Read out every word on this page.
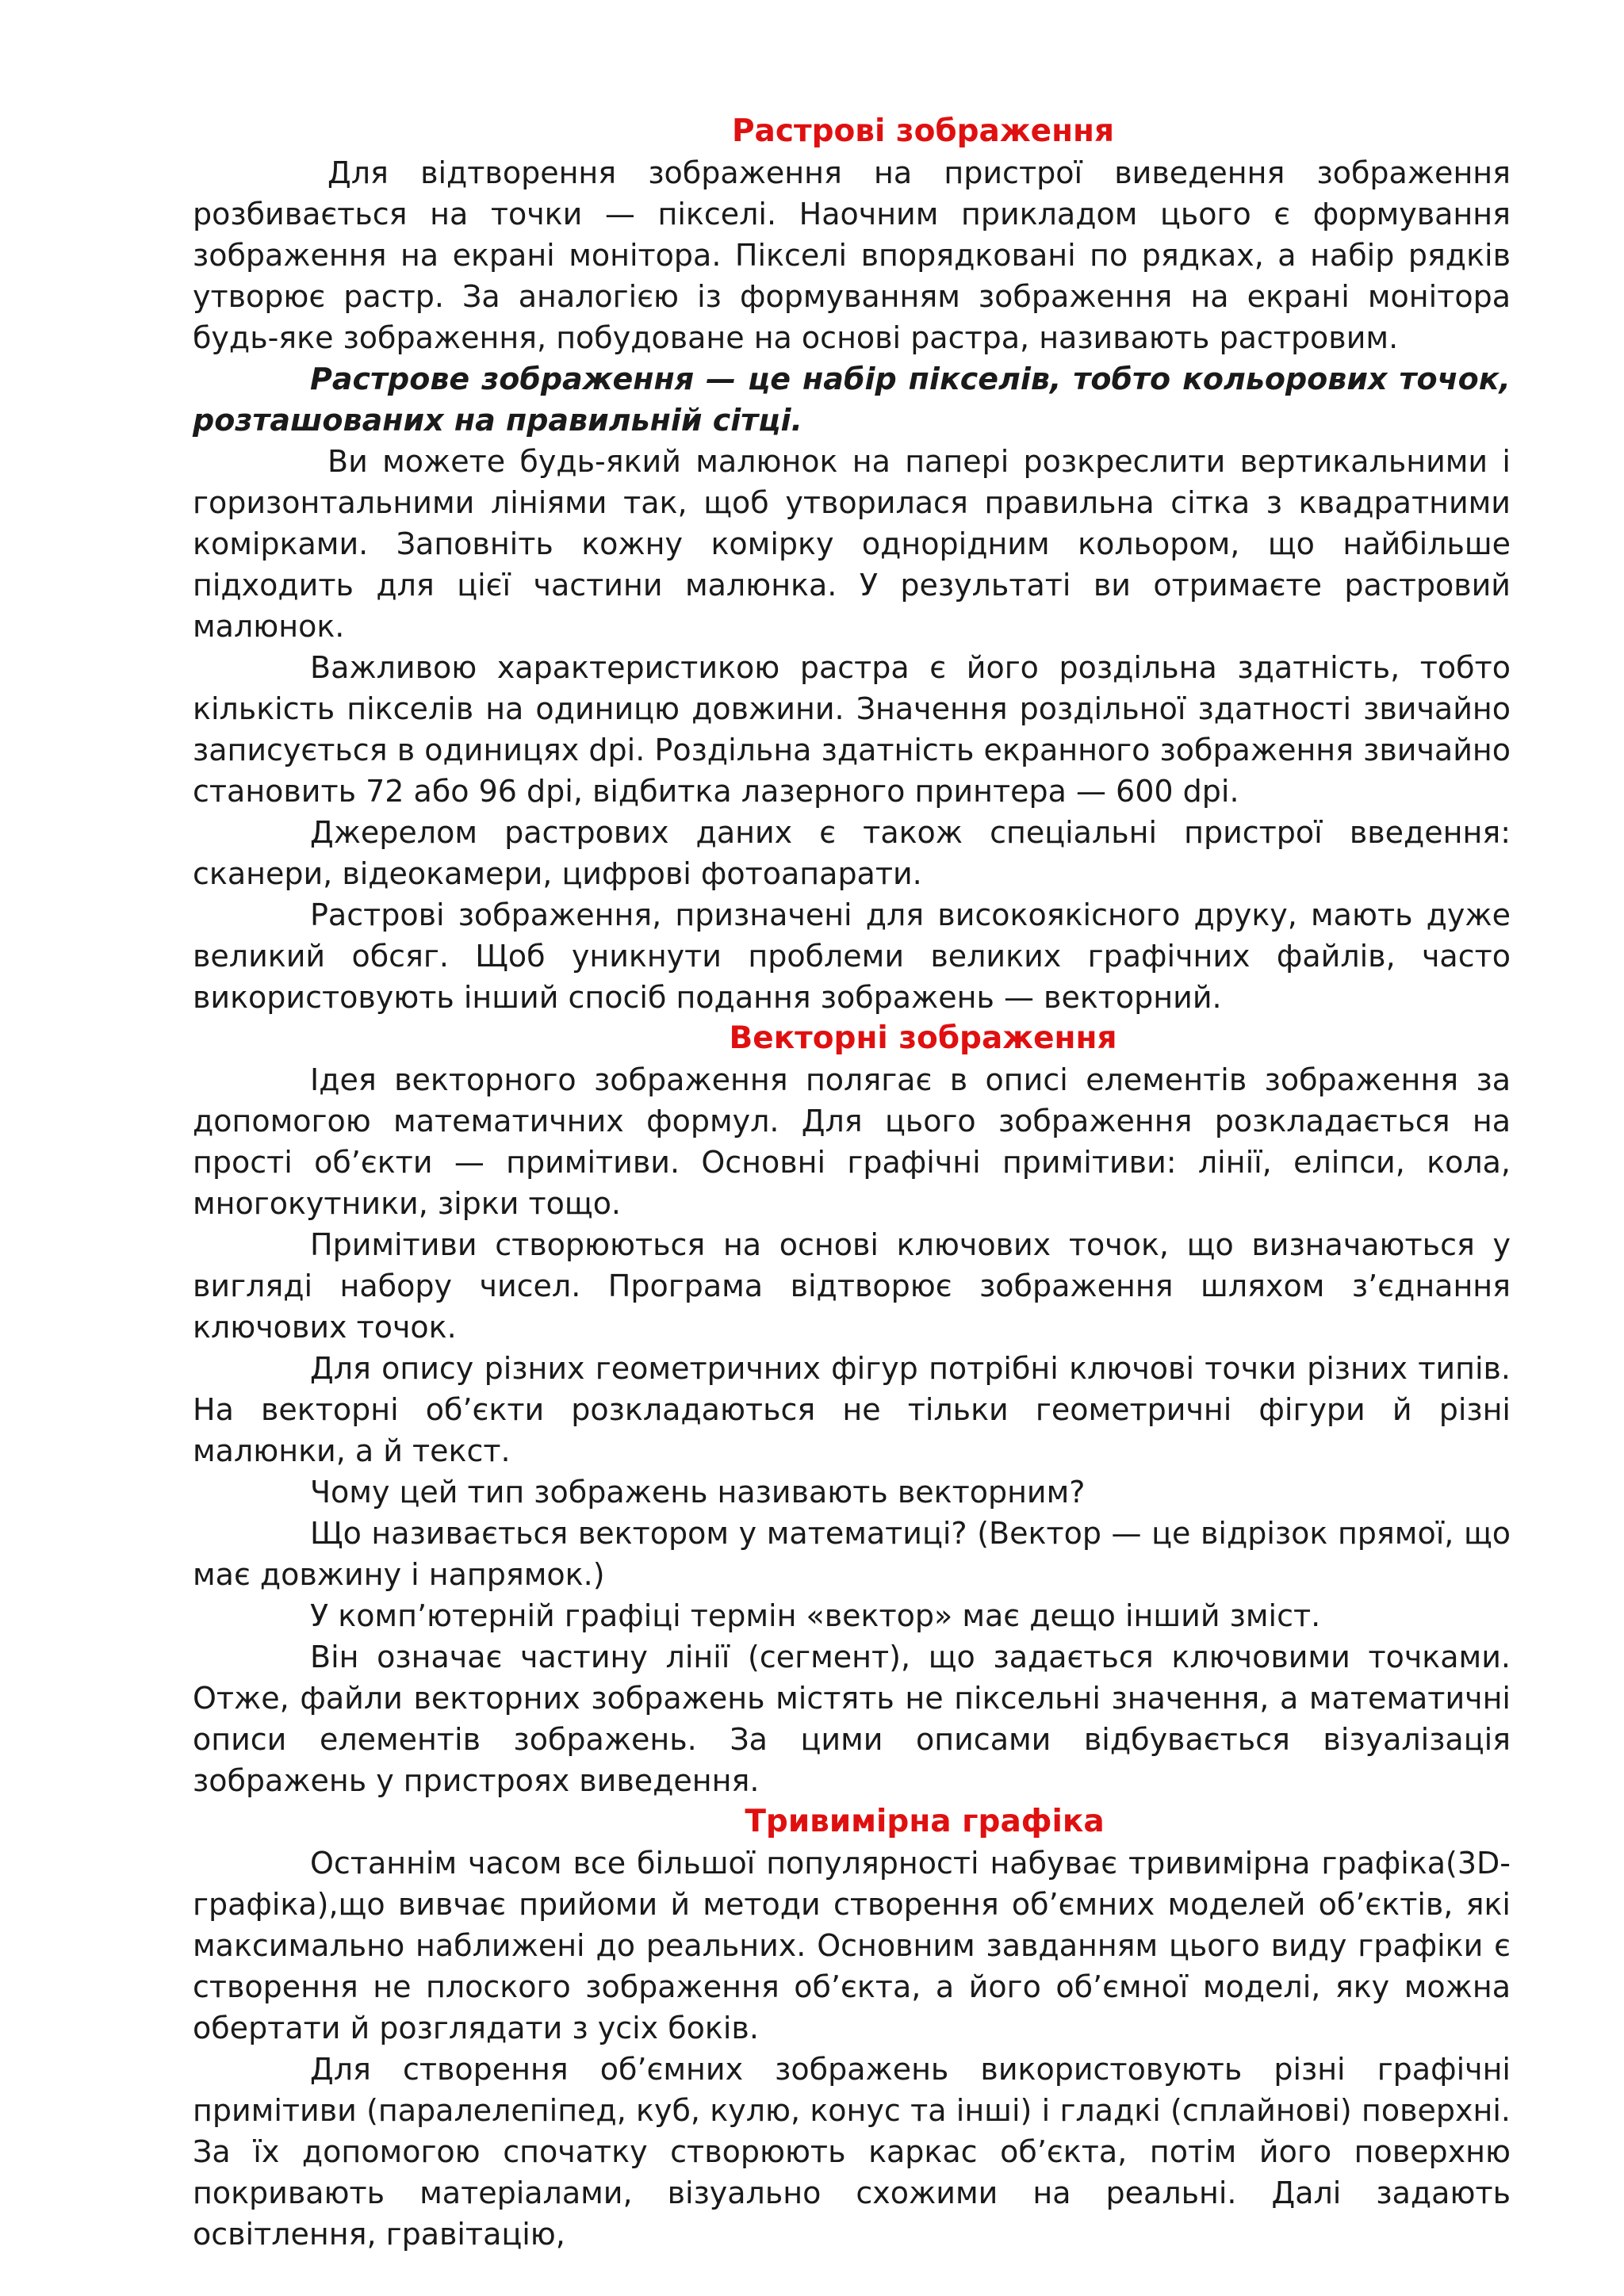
Растрові зображення

Для відтворення зображення на пристрої виведення зображення розбивається на точки — пікселі. Наочним прикладом цього є формування зображення на екрані монітора. Пікселі впорядковані по рядках, а набір рядків утворює растр. За аналогією із формуванням зображення на екрані монітора будь-яке зображення, побудоване на основі растра, називають растровим.

Растрове зображення — це набір пікселів, тобто кольорових точок, розташованих на правильній сітці.

Ви можете будь-який малюнок на папері розкреслити вертикальними і горизонтальними лініями так, щоб утворилася правильна сітка з квадратними комірками. Заповніть кожну комірку однорідним кольором, що найбільше підходить для цієї частини малюнка. У результаті ви отримаєте растровий малюнок.

Важливою характеристикою растра є його роздільна здатність, тобто кількість пікселів на одиницю довжини. Значення роздільної здатності звичайно записується в одиницях dpi. Роздільна здатність екранного зображення звичайно становить 72 або 96 dpi, відбитка лазерного принтера — 600 dpi.

Джерелом растрових даних є також спеціальні пристрої введення: сканери, відеокамери, цифрові фотоапарати.

Растрові зображення, призначені для високоякісного друку, мають дуже великий обсяг. Щоб уникнути проблеми великих графічних файлів, часто використовують інший спосіб подання зображень — векторний.

Векторні зображення

Ідея векторного зображення полягає в описі елементів зображення за допомогою математичних формул. Для цього зображення розкладається на прості об’єкти — примітиви. Основні графічні примітиви: лінії, еліпси, кола, многокутники, зірки тощо.

Примітиви створюються на основі ключових точок, що визначаються у вигляді набору чисел. Програма відтворює зображення шляхом з’єднання ключових точок.

Для опису різних геометричних фігур потрібні ключові точки різних типів. На векторні об’єкти розкладаються не тільки геометричні фігури й різні малюнки, а й текст.

Чому цей тип зображень називають векторним?

Що називається вектором у математиці? (Вектор — це відрізок прямої, що має довжину і напрямок.)

У комп’ютерній графіці термін «вектор» має дещо інший зміст.

Він означає частину лінії (сегмент), що задається ключовими точками. Отже, файли векторних зображень містять не піксельні значення, а математичні описи елементів зображень. За цими описами відбувається візуалізація зображень у пристроях виведення.

Тривимірна графіка

Останнім часом все більшої популярності набуває тривимірна графіка(3D-графіка),що вивчає прийоми й методи створення об’ємних моделей об’єктів, які максимально наближені до реальних. Основним завданням цього виду графіки є створення не плоского зображення об’єкта, а його об’ємної моделі, яку можна обертати й розглядати з усіх боків.

Для створення об’ємних зображень використовують різні графічні примітиви (паралелепіпед, куб, кулю, конус та інші) і гладкі (сплайнові) поверхні. За їх допомогою спочатку створюють каркас об’єкта, потім його поверхню покривають матеріалами, візуально схожими на реальні. Далі задають освітлення, гравітацію,
